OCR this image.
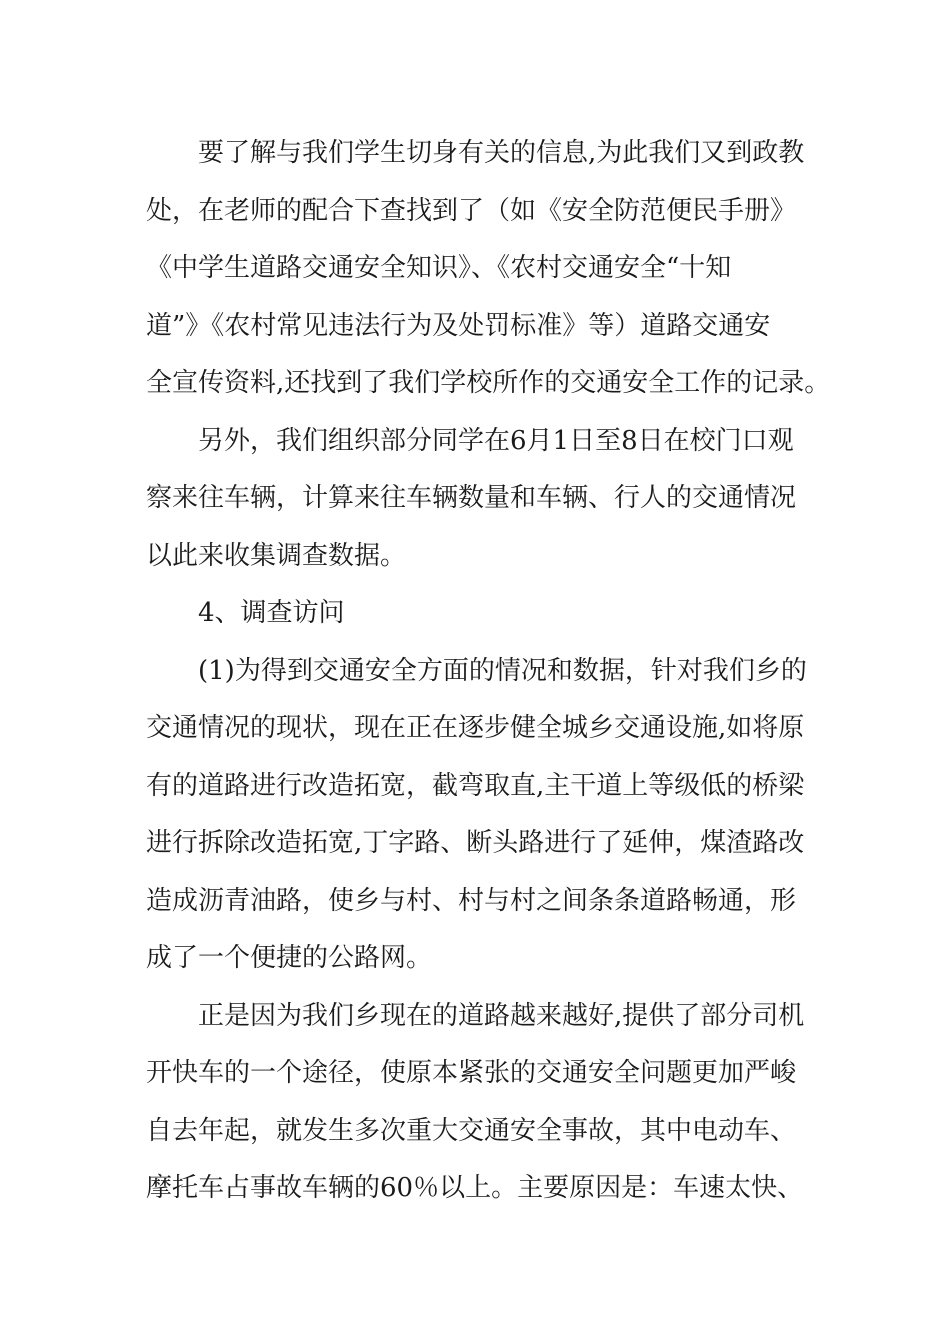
要了解与我们学生切身有关的信息,为此我们又到政教
处，在老师的配合下查找到了（如《安全防范便民手册》
《中学生道路交通安全知识》、《农村交通安全“十知
道”》《农村常见违法行为及处罚标准》等）道路交通安
全宣传资料,还找到了我们学校所作的交通安全工作的记录。
另外，我们组织部分同学在6月1日至8日在校门口观
察来往车辆，计算来往车辆数量和车辆、行人的交通情况
以此来收集调查数据。
4、调查访问
(1)为得到交通安全方面的情况和数据，针对我们乡的
交通情况的现状，现在正在逐步健全城乡交通设施,如将原
有的道路进行改造拓宽，截弯取直,主干道上等级低的桥梁
进行拆除改造拓宽,丁字路、断头路进行了延伸，煤渣路改
造成沥青油路，使乡与村、村与村之间条条道路畅通，形
成了一个便捷的公路网。
正是因为我们乡现在的道路越来越好,提供了部分司机
开快车的一个途径，使原本紧张的交通安全问题更加严峻
自去年起，就发生多次重大交通安全事故，其中电动车、
摩托车占事故车辆的60％以上。主要原因是：车速太快、
